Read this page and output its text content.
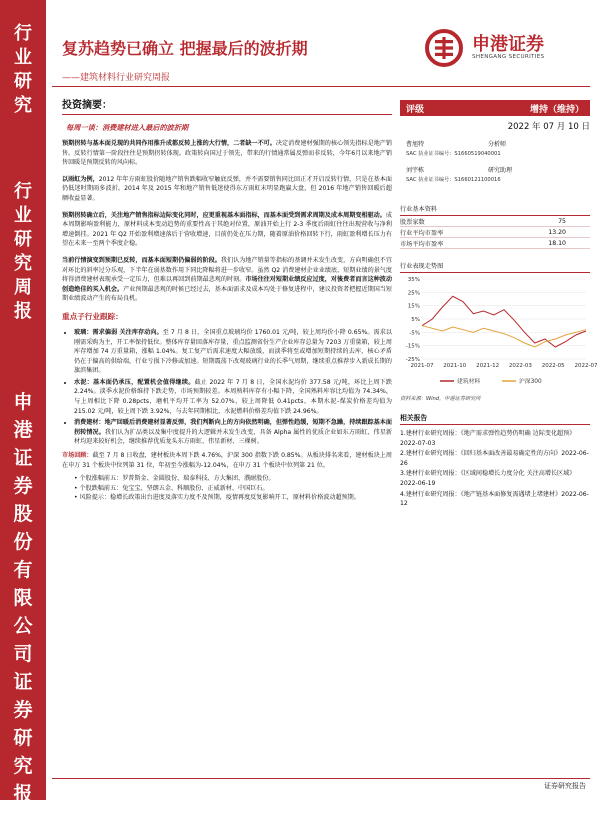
行
业
研
究
行
业
研
究
周
报
申
港
证
券
股
份
有
限
公
司
证
券
研
究
报
告
复苏趋势已确立 把握最后的波折期
——建筑材料行业研究周报
申港证券
SHENGANG SECURITIES
投资摘要：
每周一谈：消费建材进入最后的波折期

预期拐转与基本面兑现的共同作用推升成都反转上涨的大行情，二者缺一不可。决定消费建材强期的核心领先指标是地产销售。反转行情第一阶段往往是预期拐转体现。政策转向国过于领先，带来的行情通常属反弹而非反转，今年6月以来地产销售回暖是预期反转的风向标。

以雨虹为例，2012 年年方雨虹股价随地产销售跌幅收窄触底反弹，并不需要销售同比回正才开启反转行情，只是在基本面仍低迷时期雨多波折。2014 年及 2015 年和地产销售低迷使得东方雨虹末明显跑赢大盘，但 2016 年地产销售回暖后超额收益显著。

预期拐转确立后，关注地产销售指标边际变化同时，应更重视基本面指标，而基本面受到需求周期及成本周期变相驱动。成本周期影响盈利能力，原材料成本变动趋势的重要性高于其绝对位置，原油开始上行 2-3 季度后雨虹往往出现营收与净利增速倒挂。2021 年 Q2 开始盈利增速落后于营收增速，目前仍处在压力期，随着原油价格回转下行，雨虹盈利增长压力有望在未来一至两个季度企稳。

当前行情演变到预期已反转，而基本面短期仍偏弱的阶段。我们认为地产销量等指标的基调并未发生改变，方向明确但不宜对环比的斜率过分乐观，下半年在弱基数作用下同比降幅将进一步收窄。虽然 Q2 消费建材企业业绩底，短期业绩的景气度将得清费建材表现承受一定压力，但难以再回到前期最悲观的时刻。市场往往对短期业绩反应过度，对後费者而言这种波动创造绝佳的买入机会。产业预期最悲观的时候已经过去，基本面需求及成本均处于修复进程中，建议投资者把握近期国当短期业绩波动产生的布局良机。

重点子行业跟踪：
• 玻璃：需求偏弱 关注库存动向。至 7 月 8 日，全国重点玻璃均价 1760.01 元/吨，较上周均价小降 0.65%。需求以刚需采购为主，开工率保持低位。整体库存量回落库存量，重点监测省份生产企业库存总量为 7203 万重量箱，较上周库存增加 74 万重量箱，涨幅 1.04%。复工复产后需求速度大幅放缓，而淡季将至或增加短期持续的去库，核心矛盾仍在于偏高的供给端，行业亏损下冷修或加速。短期震荡下改观玻璃行业的长季气周期，继续重点推荐步入新成长期的旗滨集团。
• 水泥：基本面仍承压，配置机会值得继续。截止 2022 年 7 月 8 日，全国水泥均价 377.58 元/吨，环比上周下跌 2.24%。淡季水泥价格维持下跌走势，市场预期较差。本周熟料库存有小幅下降，全国熟料库容比均值为 74.34%，与上周相比下降 0.28pcts，磨机平均开工率为 52.07%，较上周降低 0.41pcts，本期水泥-煤炭价格差均值为 215.02 元/吨，较上周下跌 3.92%，与去年同期相比，水泥燃料价格差均值下跌 24.96%。
• 消费建材：地产回暖后消费建材显著反弹，我们判断向上的方向依然明确，但弹性趋缓，短期不急躁，持续跟踪基本面拐转情况。我们认为扩品类以及集中度提升的大逻辑并未发生改变，具备 Alpha 属性的优质企业如东方雨虹、伟星新材均迎来较好机会，继续推荐优质龙头东方雨虹、伟星新材、三棵树。

市场回顾：截至 7 月 8 日收盘，建材板块本周下跌 4.76%，沪深 300 指数下跌 0.85%。从板块排名来看，建材板块上周在申万 31 个板块中位列第 31 位，年初至今涨幅为-12.04%，在申万 31 个板块中位列第 21 位。

• 个股涨幅前五：罗普斯金、金圆股份、瑞泰科技、方大集团、濮耐股份。

• 个股跌幅前五：兔宝宝、坚朗五金、科顺股份、正威新材、中国巨石。

• 风险提示：稳增长政策出台进度及落实力度不及预期，疫情再度反复影响开工，原材料价格波动超预期。

评级	增持（维持）
2022 年 07 月 10 日
曹旭特	分析师
SAC 执业证书编号：S1660519040001
刘宇栋	研究助理
SAC 执业证书编号：S1660121100016
行业基本资料
股票家数	75
行业平均市盈率	13.20
市场平均市盈率	18.10
行业表现走势图
35%
25%
15%
5%
-5%
-15%
-25%
2021-07 2021-10 2021-12 2022-03 2022-05 2022-07
建筑材料	沪深300
资料来源：Wind，申港证券研究所
相关报告
1.建材行业研究周报：《地产需求弹性趋势仍明确 边际变化超预》2022-07-03
2.建材行业研究周报：《回归基本面改善最易确定性的方向》2022-06-26
3.建材行业研究周报：《区域间稳增长力度分化 关注高增长区域》2022-06-19
4.建材行业研究周报：《地产链基本面修复需遇堵上堵建材》2022-06-12
证券研究报告
